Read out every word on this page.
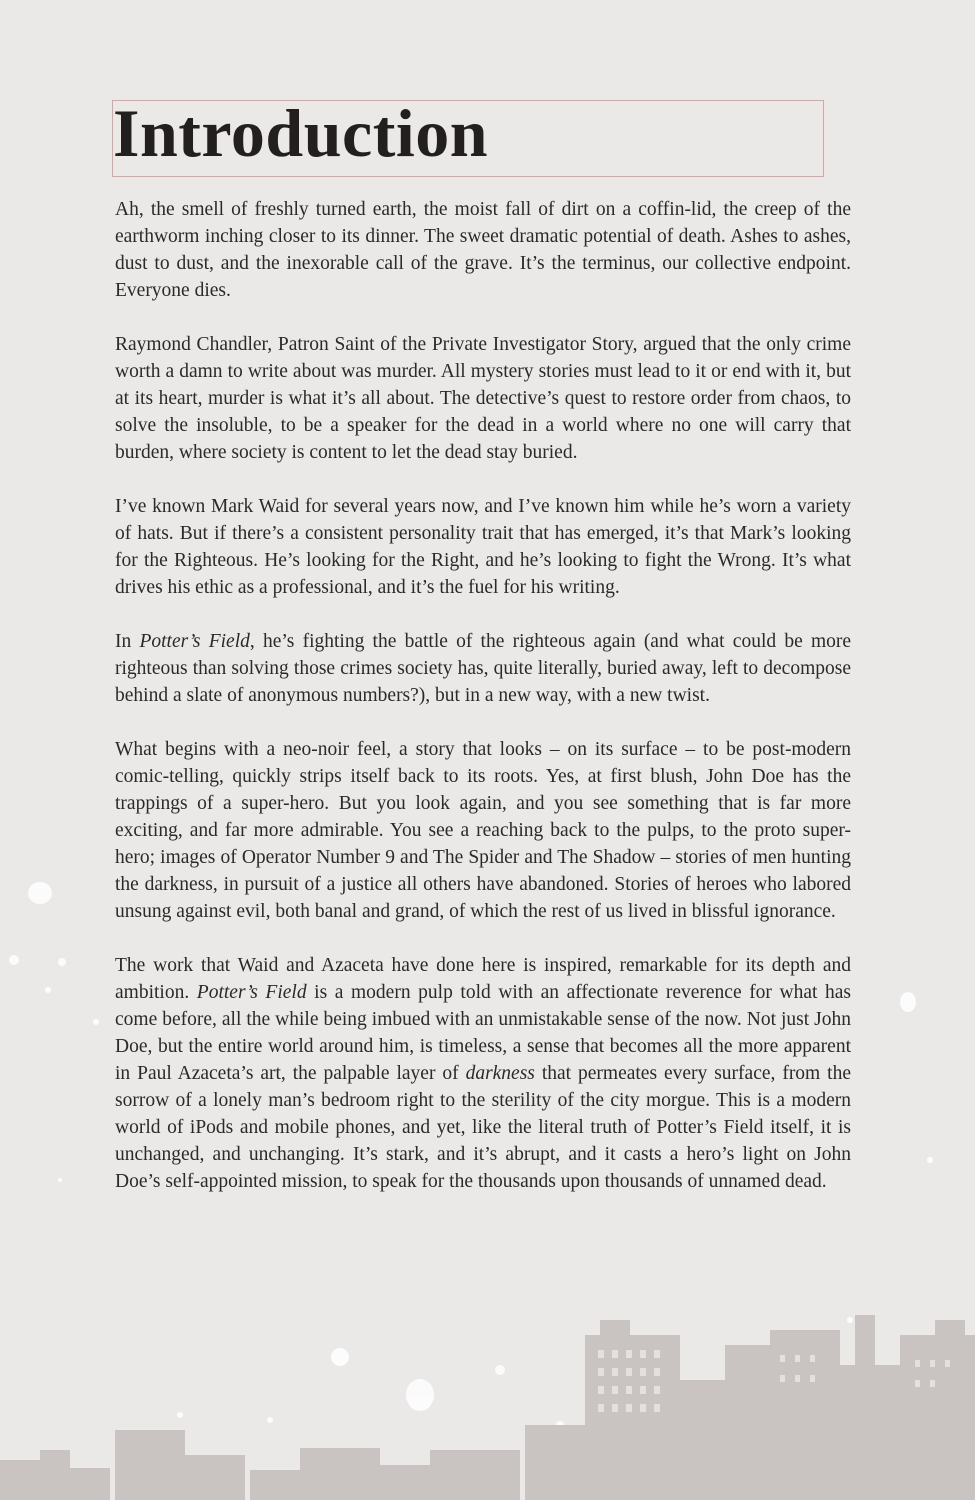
Introduction

Ah, the smell of freshly turned earth, the moist fall of dirt on a coffin-lid, the creep of the earthworm inching closer to its dinner. The sweet dramatic potential of death. Ashes to ashes, dust to dust, and the inexorable call of the grave. It’s the terminus, our collective endpoint. Everyone dies.

Raymond Chandler, Patron Saint of the Private Investigator Story, argued that the only crime worth a damn to write about was murder. All mystery stories must lead to it or end with it, but at its heart, murder is what it’s all about. The detective’s quest to restore order from chaos, to solve the insoluble, to be a speaker for the dead in a world where no one will carry that burden, where society is content to let the dead stay buried.

I’ve known Mark Waid for several years now, and I’ve known him while he’s worn a variety of hats. But if there’s a consistent personality trait that has emerged, it’s that Mark’s looking for the Righteous. He’s looking for the Right, and he’s looking to fight the Wrong. It’s what drives his ethic as a professional, and it’s the fuel for his writing.

In Potter’s Field, he’s fighting the battle of the righteous again (and what could be more righteous than solving those crimes society has, quite literally, buried away, left to decompose behind a slate of anonymous numbers?), but in a new way, with a new twist.

What begins with a neo-noir feel, a story that looks – on its surface – to be post-modern comic-telling, quickly strips itself back to its roots. Yes, at first blush, John Doe has the trappings of a super-hero. But you look again, and you see something that is far more exciting, and far more admirable. You see a reaching back to the pulps, to the proto super-hero; images of Operator Number 9 and The Spider and The Shadow – stories of men hunting the darkness, in pursuit of a justice all others have abandoned. Stories of heroes who labored unsung against evil, both banal and grand, of which the rest of us lived in blissful ignorance.

The work that Waid and Azaceta have done here is inspired, remarkable for its depth and ambition. Potter’s Field is a modern pulp told with an affectionate reverence for what has come before, all the while being imbued with an unmistakable sense of the now. Not just John Doe, but the entire world around him, is timeless, a sense that becomes all the more apparent in Paul Azaceta’s art, the palpable layer of darkness that permeates every surface, from the sorrow of a lonely man’s bedroom right to the sterility of the city morgue. This is a modern world of iPods and mobile phones, and yet, like the literal truth of Potter’s Field itself, it is unchanged, and unchanging. It’s stark, and it’s abrupt, and it casts a hero’s light on John Doe’s self-appointed mission, to speak for the thousands upon thousands of unnamed dead.
